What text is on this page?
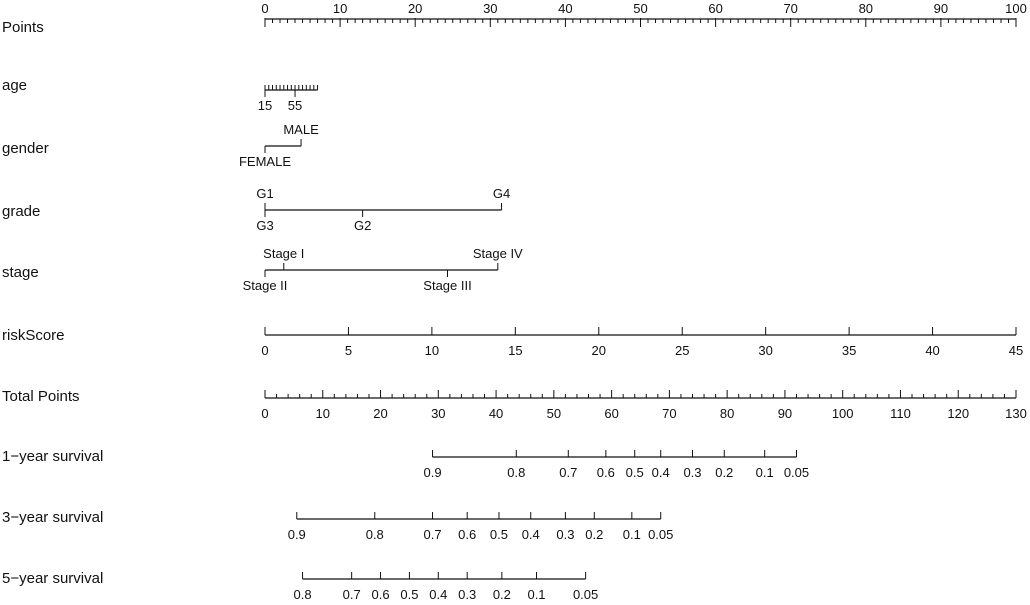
Points
0	10	20	30	40	50	60	70	80	90	100
age
15 55
gender
FEMALE
MALE
grade
G1
G3	G2
G4
stage
Stage I
Stage II	Stage III
Stage IV
riskScore
0	5	10	15	20	25	30	35	40	45
Total Points
0	10	20	30	40	50	60	70	80	90	100	110	120	130
1−year survival
0.9	0.8	0.7 0.6 0.5 0.4 0.3 0.2 0.1 0.05
3−year survival
0.9	0.8	0.7 0.6 0.5 0.4 0.3 0.2 0.1 0.05
5−year survival
0.8 0.7 0.6 0.5 0.4 0.3 0.2 0.1 0.05
